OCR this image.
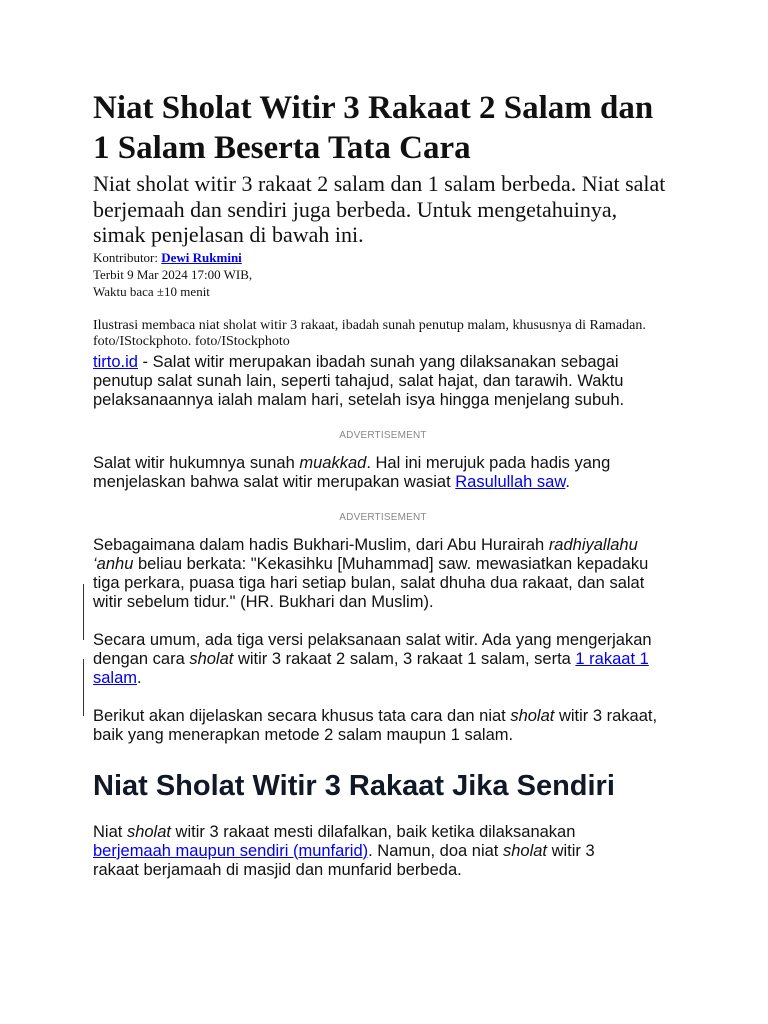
Niat Sholat Witir 3 Rakaat 2 Salam dan 1 Salam Beserta Tata Cara

Niat sholat witir 3 rakaat 2 salam dan 1 salam berbeda. Niat salat berjemaah dan sendiri juga berbeda. Untuk mengetahuinya, simak penjelasan di bawah ini.

Kontributor: Dewi Rukmini
Terbit 9 Mar 2024 17:00 WIB,
Waktu baca ±10 menit
Ilustrasi membaca niat sholat witir 3 rakaat, ibadah sunah penutup malam, khususnya di Ramadan. foto/IStockphoto. foto/IStockphoto

tirto.id - Salat witir merupakan ibadah sunah yang dilaksanakan sebagai penutup salat sunah lain, seperti tahajud, salat hajat, dan tarawih. Waktu pelaksanaannya ialah malam hari, setelah isya hingga menjelang subuh.

ADVERTISEMENT

Salat witir hukumnya sunah muakkad. Hal ini merujuk pada hadis yang menjelaskan bahwa salat witir merupakan wasiat Rasulullah saw.

ADVERTISEMENT

Sebagaimana dalam hadis Bukhari-Muslim, dari Abu Hurairah radhiyallahu ‘anhu beliau berkata: "Kekasihku [Muhammad] saw. mewasiatkan kepadaku tiga perkara, puasa tiga hari setiap bulan, salat dhuha dua rakaat, dan salat witir sebelum tidur." (HR. Bukhari dan Muslim).

Secara umum, ada tiga versi pelaksanaan salat witir. Ada yang mengerjakan dengan cara sholat witir 3 rakaat 2 salam, 3 rakaat 1 salam, serta 1 rakaat 1 salam.

Berikut akan dijelaskan secara khusus tata cara dan niat sholat witir 3 rakaat, baik yang menerapkan metode 2 salam maupun 1 salam.

Niat Sholat Witir 3 Rakaat Jika Sendiri

Niat sholat witir 3 rakaat mesti dilafalkan, baik ketika dilaksanakan berjemaah maupun sendiri (munfarid). Namun, doa niat sholat witir 3 rakaat berjamaah di masjid dan munfarid berbeda.
